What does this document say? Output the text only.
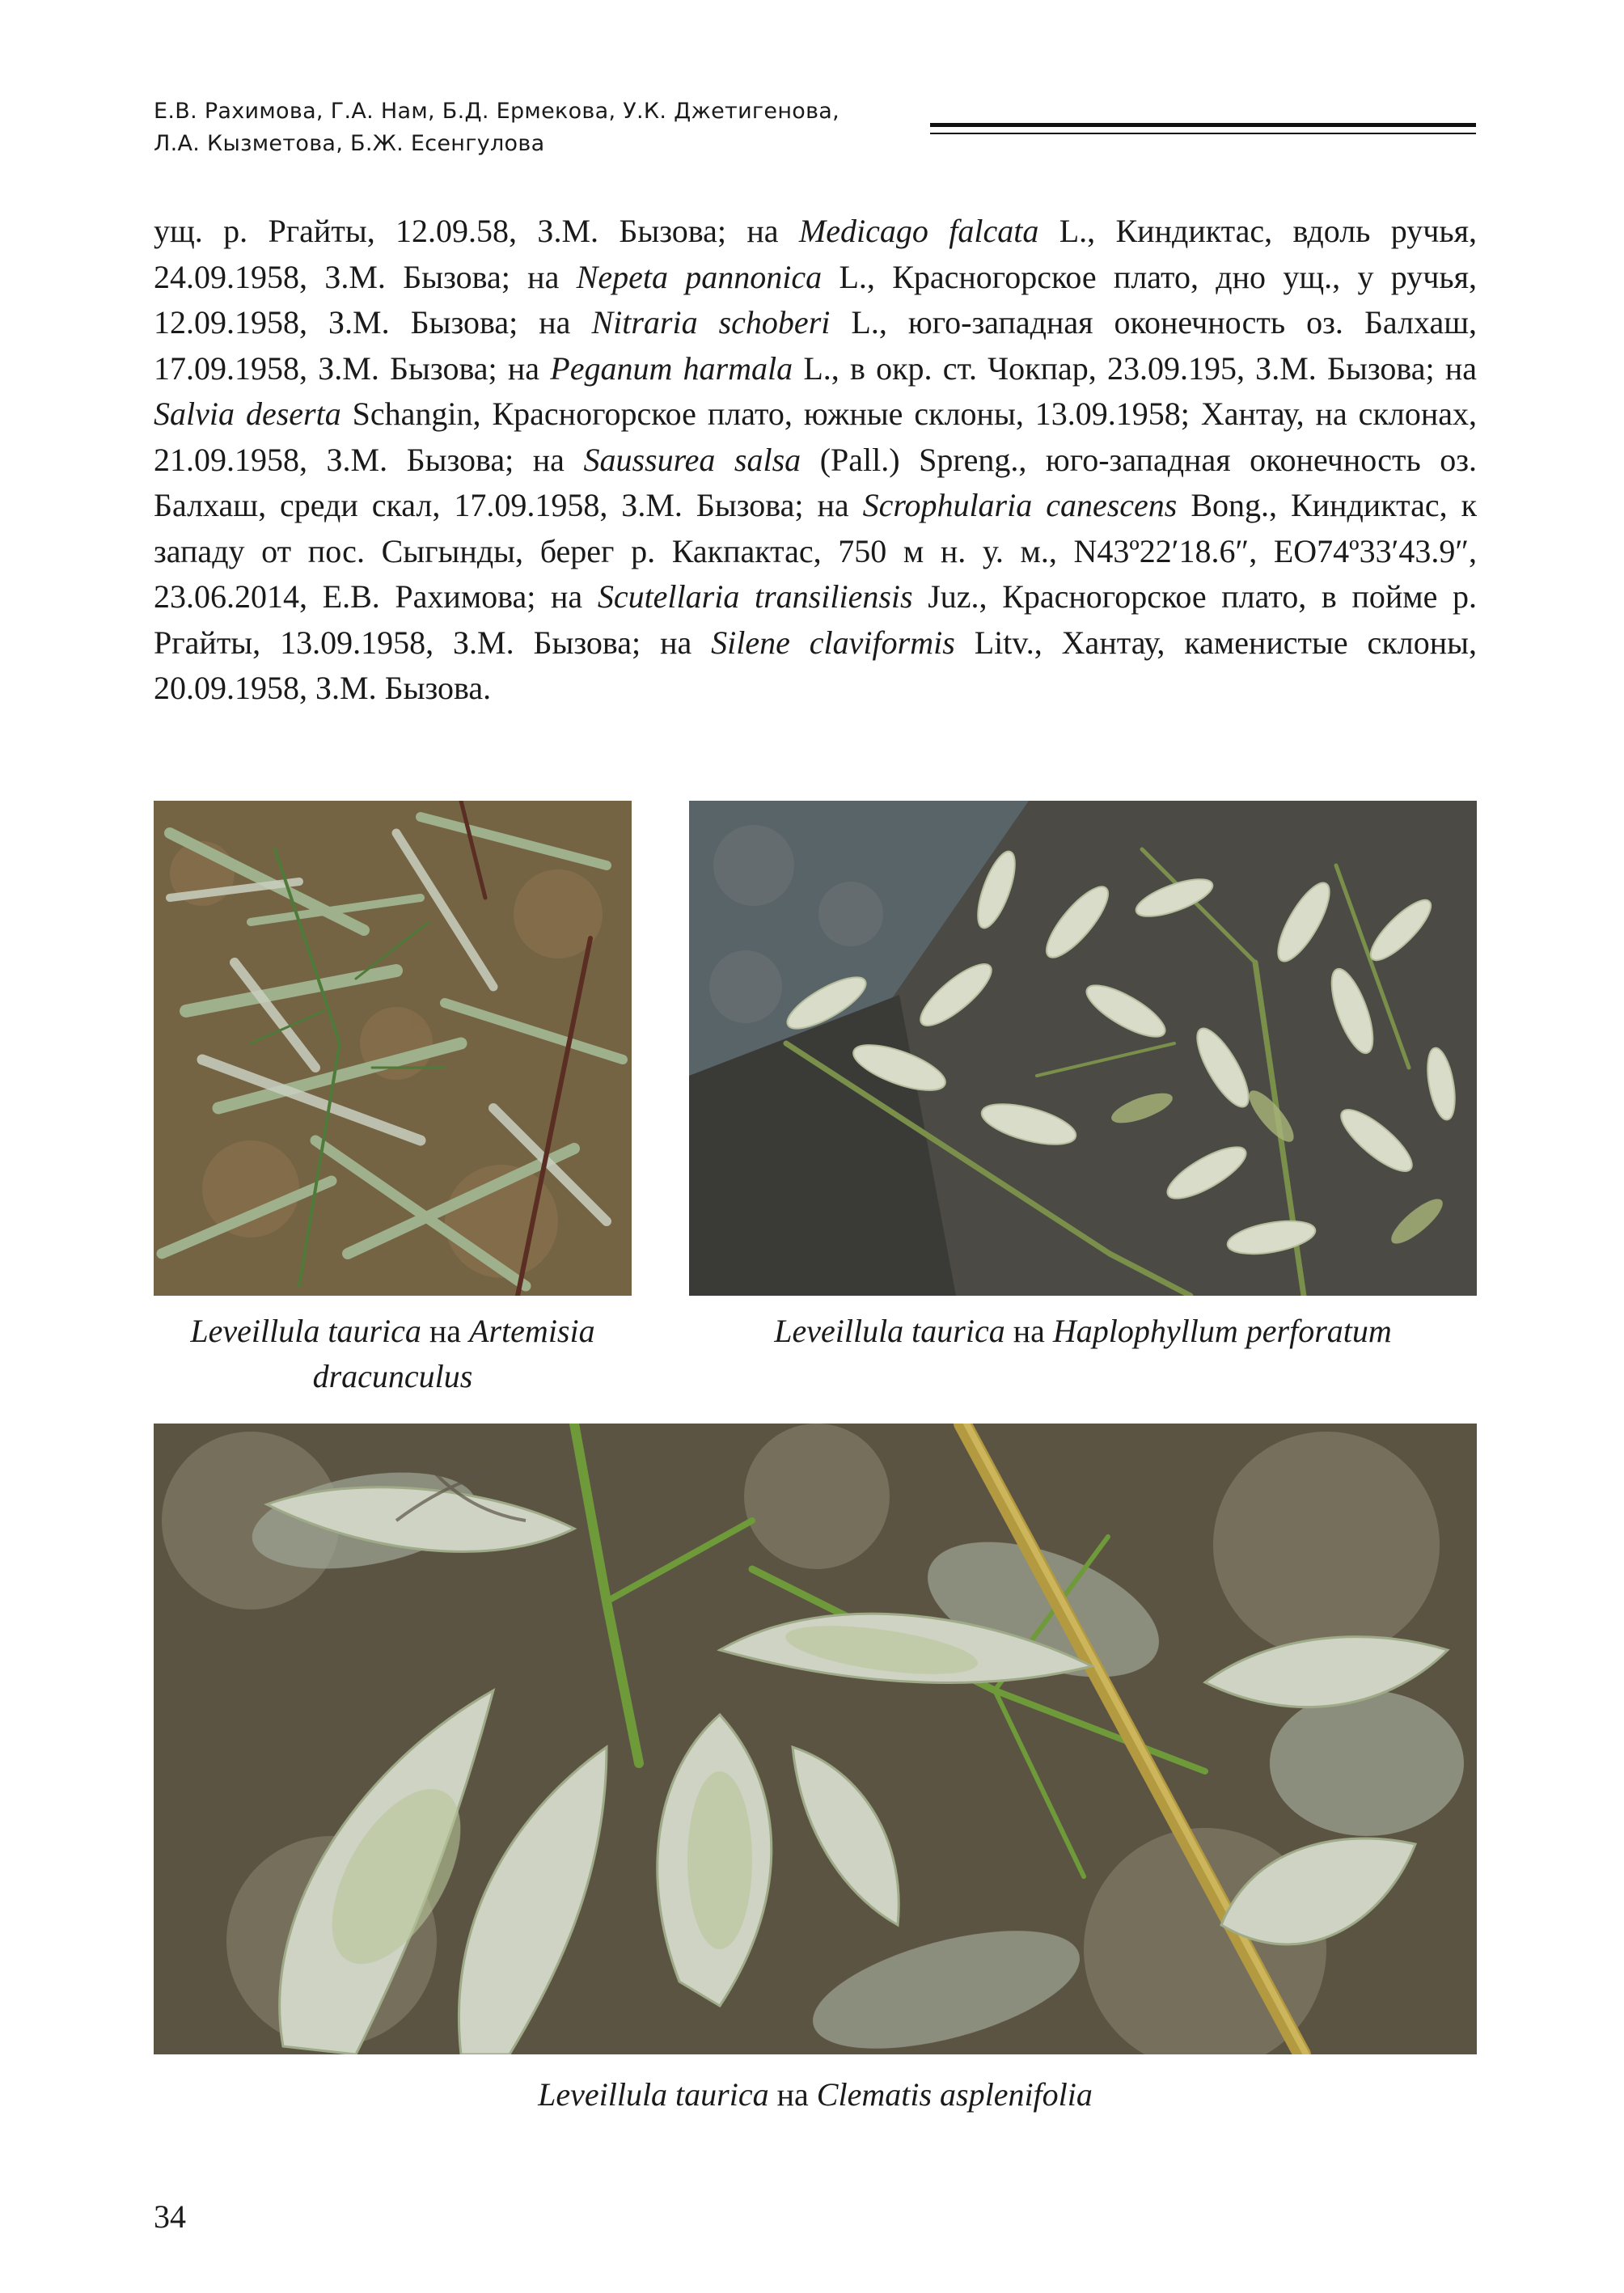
Е.В. Рахимова, Г.А. Нам, Б.Д. Ермекова, У.К. Джетигенова,
Л.А. Кызметова, Б.Ж. Есенгулова
ущ. р. Ргайты, 12.09.58, З.М. Бызова; на Medicago falcata L., Киндиктас, вдоль ручья, 24.09.1958, З.М. Бызова; на Nepeta pannonica L., Красногорское плато, дно ущ., у ручья, 12.09.1958, З.М. Бызова; на Nitraria schoberi L., юго-западная оконечность оз. Балхаш, 17.09.1958, З.М. Бызова; на Peganum harmala L., в окр. ст. Чокпар, 23.09.195, З.М. Бызова; на Salvia deserta Schangin, Красногорское плато, южные склоны, 13.09.1958; Хантау, на склонах, 21.09.1958, З.М. Бызова; на Saussurea salsa (Pall.) Spreng., юго-западная оконечность оз. Балхаш, среди скал, 17.09.1958, З.М. Бызова; на Scrophularia canescens Bong., Киндиктас, к западу от пос. Сыгынды, берег р. Какпактас, 750 м н. у. м., N43º22′18.6″, EO74º33′43.9″, 23.06.2014, Е.В. Рахимова; на Scutellaria transiliensis Juz., Красногорское плато, в пойме р. Ргайты, 13.09.1958, З.М. Бызова; на Silene claviformis Litv., Хантау, каменистые склоны, 20.09.1958, З.М. Бызова.
Leveillula taurica на Artemisia dracunculus
Leveillula taurica на Haplophyllum perforatum
Leveillula taurica на Clematis asplenifolia
34
